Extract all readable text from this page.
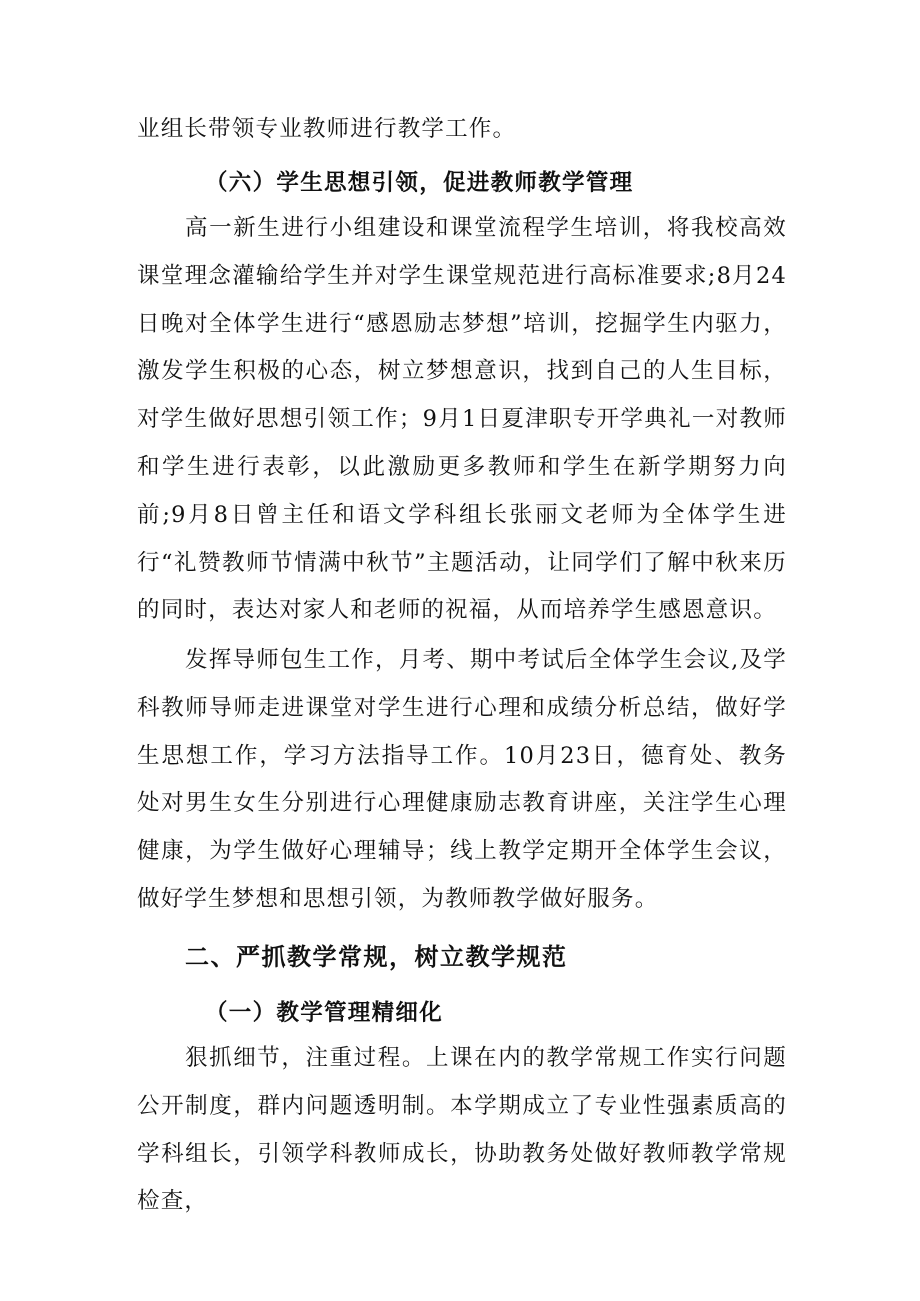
业组长带领专业教师进行教学工作。

（六）学生思想引领，促进教师教学管理

高一新生进行小组建设和课堂流程学生培训，将我校高效课堂理念灌输给学生并对学生课堂规范进行高标准要求;8月24日晚对全体学生进行“感恩励志梦想”培训，挖掘学生内驱力，激发学生积极的心态，树立梦想意识，找到自己的人生目标，对学生做好思想引领工作；9月1日夏津职专开学典礼一对教师和学生进行表彰，以此激励更多教师和学生在新学期努力向前;9月8日曾主任和语文学科组长张丽文老师为全体学生进行“礼赞教师节情满中秋节”主题活动，让同学们了解中秋来历的同时，表达对家人和老师的祝福，从而培养学生感恩意识。

发挥导师包生工作，月考、期中考试后全体学生会议,及学科教师导师走进课堂对学生进行心理和成绩分析总结，做好学生思想工作，学习方法指导工作。10月23日，德育处、教务处对男生女生分别进行心理健康励志教育讲座，关注学生心理健康，为学生做好心理辅导；线上教学定期开全体学生会议，做好学生梦想和思想引领，为教师教学做好服务。

二、严抓教学常规，树立教学规范

（一）教学管理精细化

狠抓细节，注重过程。上课在内的教学常规工作实行问题公开制度，群内问题透明制。本学期成立了专业性强素质高的学科组长，引领学科教师成长，协助教务处做好教师教学常规检查，
